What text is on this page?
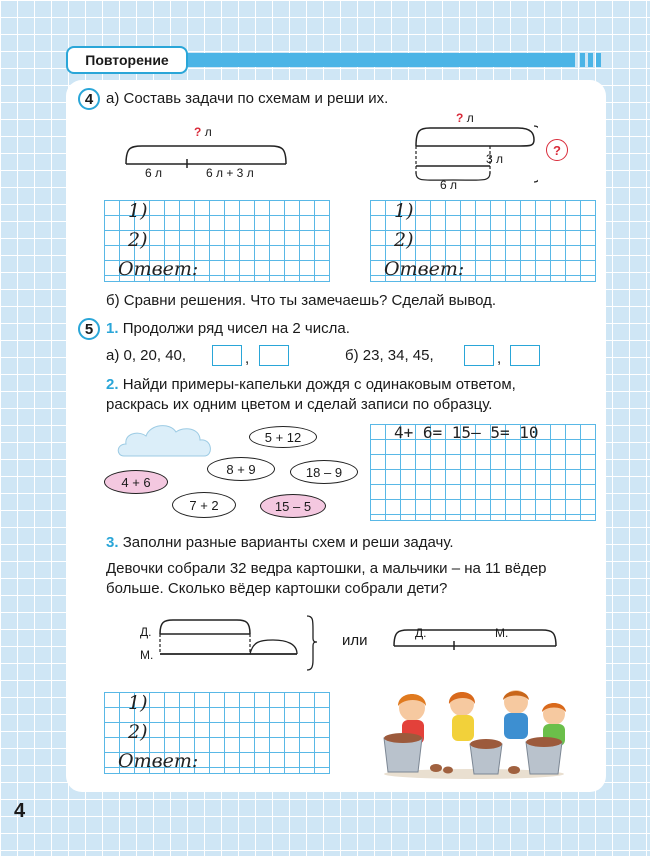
Повторение
4 а) Составь задачи по схемам и реши их.
? л
6 л	6 л + 3 л
? л
3 л
6 л
?
1)
2)
Ответ:
1)
2)
Ответ:
б) Сравни решения. Что ты замечаешь? Сделай вывод.
5 1. Продолжи ряд чисел на 2 числа.
а) 0, 20, 40,	,	б) 23, 34, 45,	,
2. Найди примеры-капельки дождя с одинаковым ответом,
раскрась их одним цветом и сделай записи по образцу.
5 + 12
8 + 9	18 – 9
4 + 6
7 + 2	15 – 5
4+ 6= 15– 5= 10
3. Заполни разные варианты схем и реши задачу.
Девочки собрали 32 ведра картошки, а мальчики – на 11 вёдер
больше. Сколько вёдер картошки собрали дети?
Д.
М.
или	Д.	М.
1)
2)
Ответ:
4
